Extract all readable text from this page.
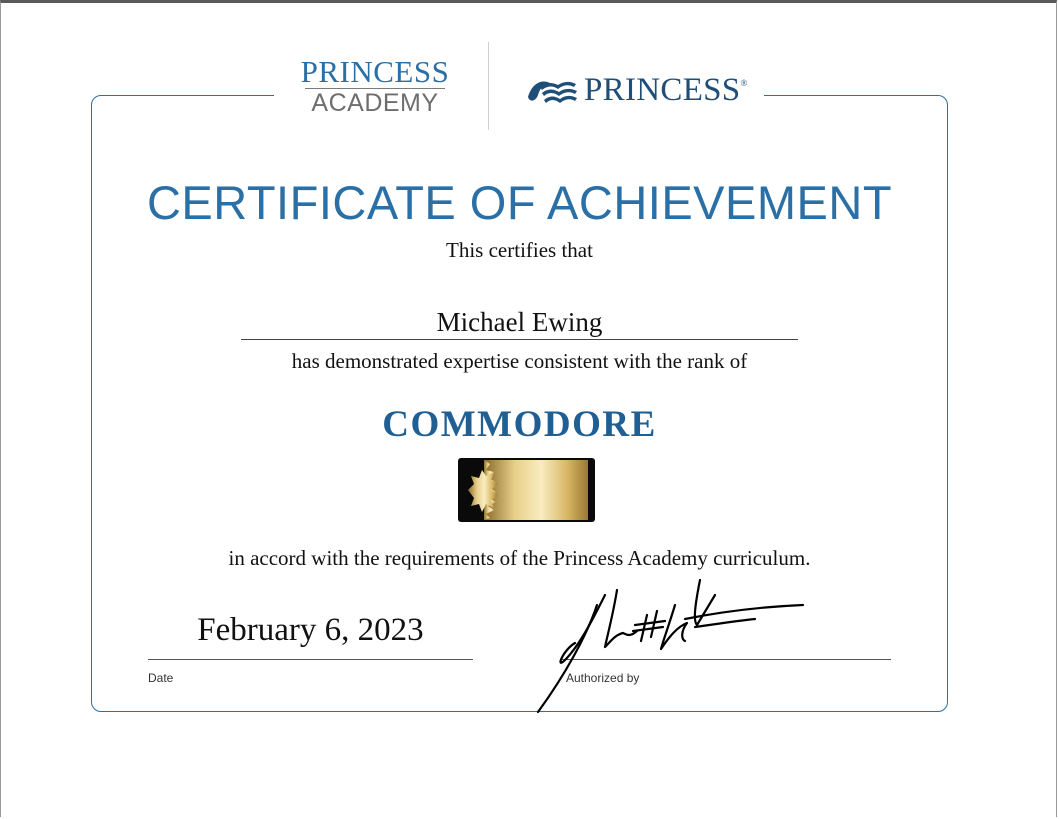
PRINCESS
ACADEMY	PRINCESS ®
CERTIFICATE OF ACHIEVEMENT
This certifies that
Michael Ewing
has demonstrated expertise consistent with the rank of
COMMODORE
in accord with the requirements of the Princess Academy curriculum.
February 6, 2023
Date	Authorized by
